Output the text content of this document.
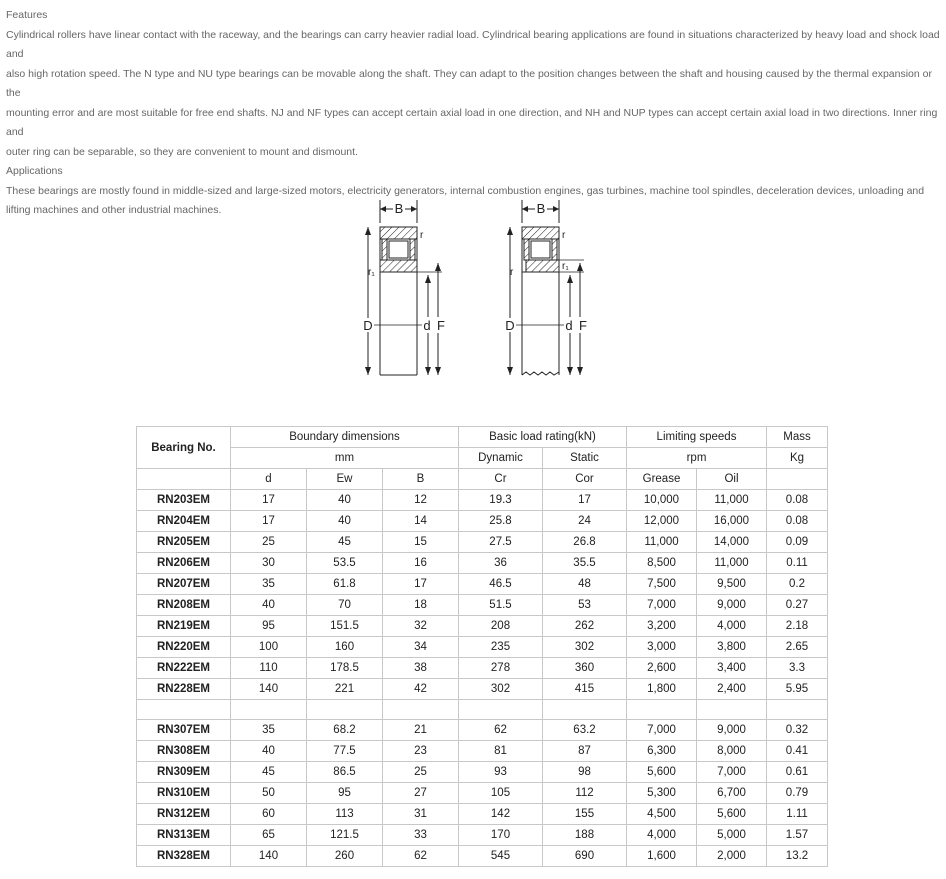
Features

Cylindrical rollers have linear contact with the raceway, and the bearings can carry heavier radial load. Cylindrical bearing applications are found in situations characterized by heavy load and shock load and

also high rotation speed. The N type and NU type bearings can be movable along the shaft. They can adapt to the position changes between the shaft and housing caused by the thermal expansion or the

mounting error and are most suitable for free end shafts. NJ and NF types can accept certain axial load in one direction, and NH and NUP types can accept certain axial load in two directions. Inner ring and

outer ring can be separable, so they are convenient to mount and dismount.

Applications

These bearings are mostly found in middle-sized and large-sized motors, electricity generators, internal combustion engines, gas turbines, machine tool spindles, deceleration devices, unloading and

lifting machines and other industrial machines.	B
D	d F
r
r₁
B
D	d F
r
r
r₁
Bearing No.	Boundary dimensions			Basic load rating(kN)		Limiting speeds		Mass
	mm			Dynamic	Static	rpm		Kg
	d	Ew	B	Cr	Cor	Grease	Oil	
RN203EM	17	40	12	19.3	17	10,000	11,000	0.08
RN204EM	17	40	14	25.8	24	12,000	16,000	0.08
RN205EM	25	45	15	27.5	26.8	11,000	14,000	0.09
RN206EM	30	53.5	16	36	35.5	8,500	11,000	0.11
RN207EM	35	61.8	17	46.5	48	7,500	9,500	0.2
RN208EM	40	70	18	51.5	53	7,000	9,000	0.27
RN219EM	95	151.5	32	208	262	3,200	4,000	2.18
RN220EM	100	160	34	235	302	3,000	3,800	2.65
RN222EM	110	178.5	38	278	360	2,600	3,400	3.3
RN228EM	140	221	42	302	415	1,800	2,400	5.95

RN307EM	35	68.2	21	62	63.2	7,000	9,000	0.32
RN308EM	40	77.5	23	81	87	6,300	8,000	0.41
RN309EM	45	86.5	25	93	98	5,600	7,000	0.61
RN310EM	50	95	27	105	112	5,300	6,700	0.79
RN312EM	60	113	31	142	155	4,500	5,600	1.11
RN313EM	65	121.5	33	170	188	4,000	5,000	1.57
RN328EM	140	260	62	545	690	1,600	2,000	13.2
